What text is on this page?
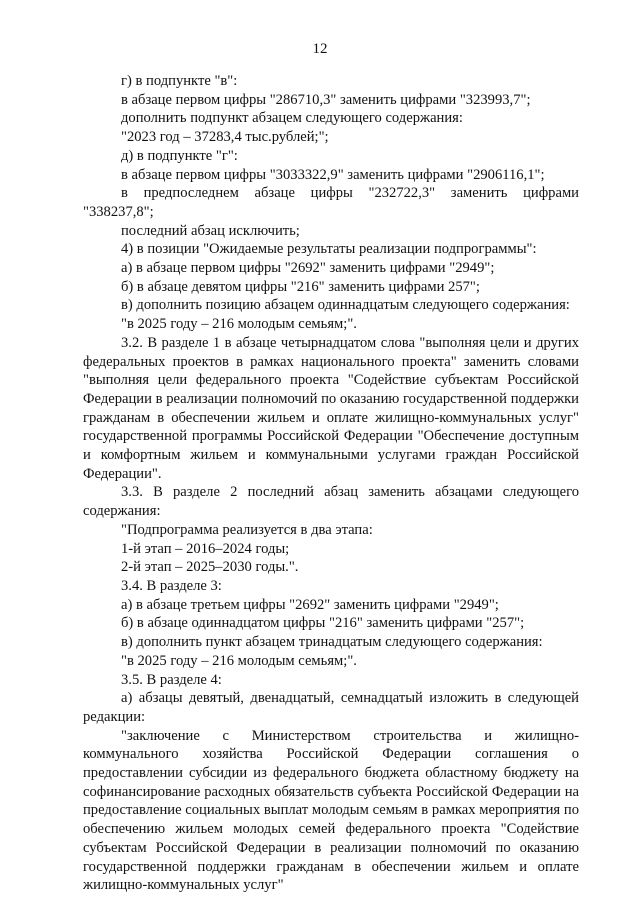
12

г) в подпункте "в":

в абзаце первом цифры "286710,3" заменить цифрами "323993,7";

дополнить подпункт абзацем следующего содержания:

"2023 год – 37283,4 тыс.рублей;";

д) в подпункте "г":

в абзаце первом цифры "3033322,9" заменить цифрами "2906116,1";

в предпоследнем абзаце цифры "232722,3" заменить цифрами "338237,8";

последний абзац исключить;

4) в позиции "Ожидаемые результаты реализации подпрограммы":

а) в абзаце первом цифры "2692" заменить цифрами "2949";

б) в абзаце девятом цифры "216" заменить цифрами 257";

в) дополнить позицию абзацем одиннадцатым следующего содержания:

"в 2025 году – 216 молодым семьям;".

3.2. В разделе 1 в абзаце четырнадцатом слова "выполняя цели и других федеральных проектов в рамках национального проекта" заменить словами "выполняя цели федерального проекта "Содействие субъектам Российской Федерации в реализации полномочий по оказанию государственной поддержки гражданам в обеспечении жильем и оплате жилищно-коммунальных услуг" государственной программы Российской Федерации "Обеспечение доступным и комфортным жильем и коммунальными услугами граждан Российской Федерации".

3.3. В разделе 2 последний абзац заменить абзацами следующего содержания:

"Подпрограмма реализуется в два этапа:

1-й этап – 2016–2024 годы;

2-й этап – 2025–2030 годы.".

3.4. В разделе 3:

а) в абзаце третьем цифры "2692" заменить цифрами "2949";

б) в абзаце одиннадцатом цифры "216" заменить цифрами "257";

в) дополнить пункт абзацем тринадцатым следующего содержания:

"в 2025 году – 216 молодым семьям;".

3.5. В разделе 4:

а) абзацы девятый, двенадцатый, семнадцатый изложить в следующей редакции:

"заключение с Министерством строительства и жилищно-коммунального хозяйства Российской Федерации соглашения о предоставлении субсидии из федерального бюджета областному бюджету на софинансирование расходных обязательств субъекта Российской Федерации на предоставление социальных выплат молодым семьям в рамках мероприятия по обеспечению жильем молодых семей федерального проекта "Содействие субъектам Российской Федерации в реализации полномочий по оказанию государственной поддержки гражданам в обеспечении жильем и оплате жилищно-коммунальных услуг"
